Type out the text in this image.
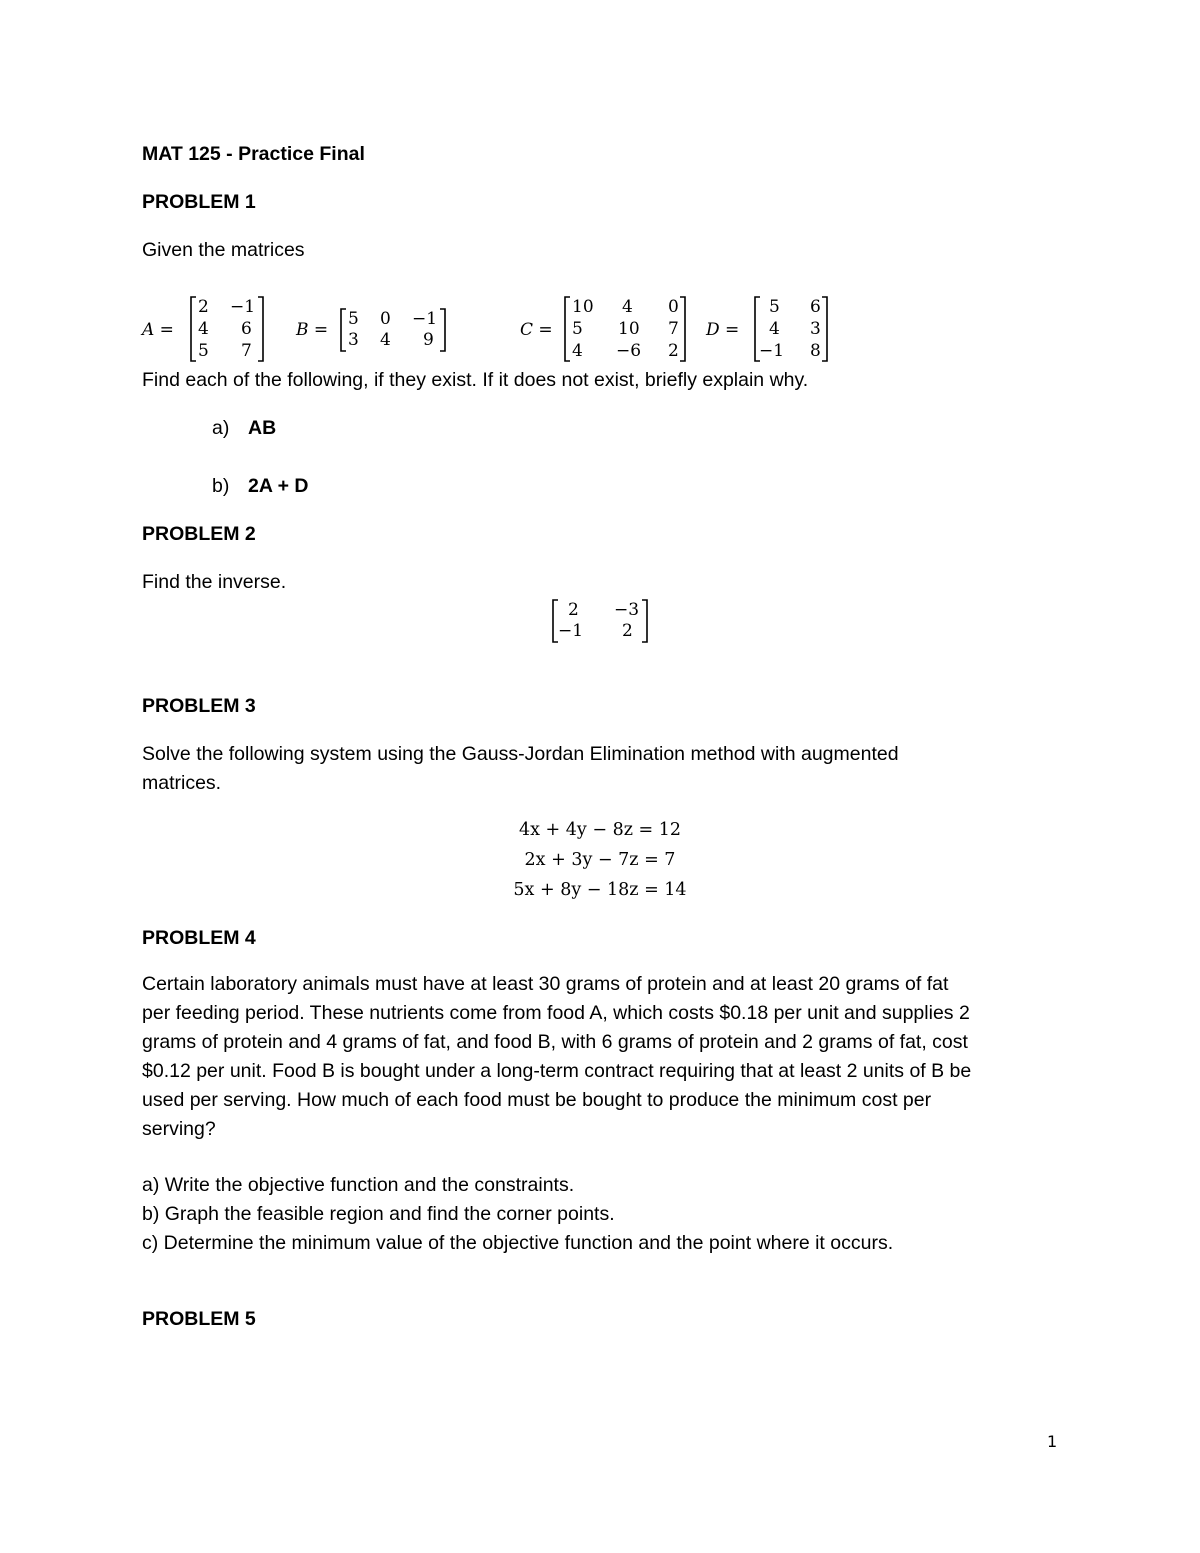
MAT 125 - Practice Final
PROBLEM 1
Given the matrices
A =
2 −1
4 6
5 7
B =
5 0 −1
3 4 9	C =
10 4 0
5 10 7
4 −6 2
D =
5 6
4 3
−1 8
Find each of the following, if they exist. If it does not exist, briefly explain why.
a) AB
b) 2A + D
PROBLEM 2
Find the inverse.
2 −3
−1 2
PROBLEM 3
Solve the following system using the Gauss-Jordan Elimination method with augmented
matrices.
4x + 4y − 8z = 12
2x + 3y − 7z = 7
5x + 8y − 18z = 14
PROBLEM 4
Certain laboratory animals must have at least 30 grams of protein and at least 20 grams of fat
per feeding period. These nutrients come from food A, which costs $0.18 per unit and supplies 2
grams of protein and 4 grams of fat, and food B, with 6 grams of protein and 2 grams of fat, cost
$0.12 per unit. Food B is bought under a long-term contract requiring that at least 2 units of B be
used per serving. How much of each food must be bought to produce the minimum cost per
serving?
a) Write the objective function and the constraints.
b) Graph the feasible region and find the corner points.
c) Determine the minimum value of the objective function and the point where it occurs.
PROBLEM 5
1
